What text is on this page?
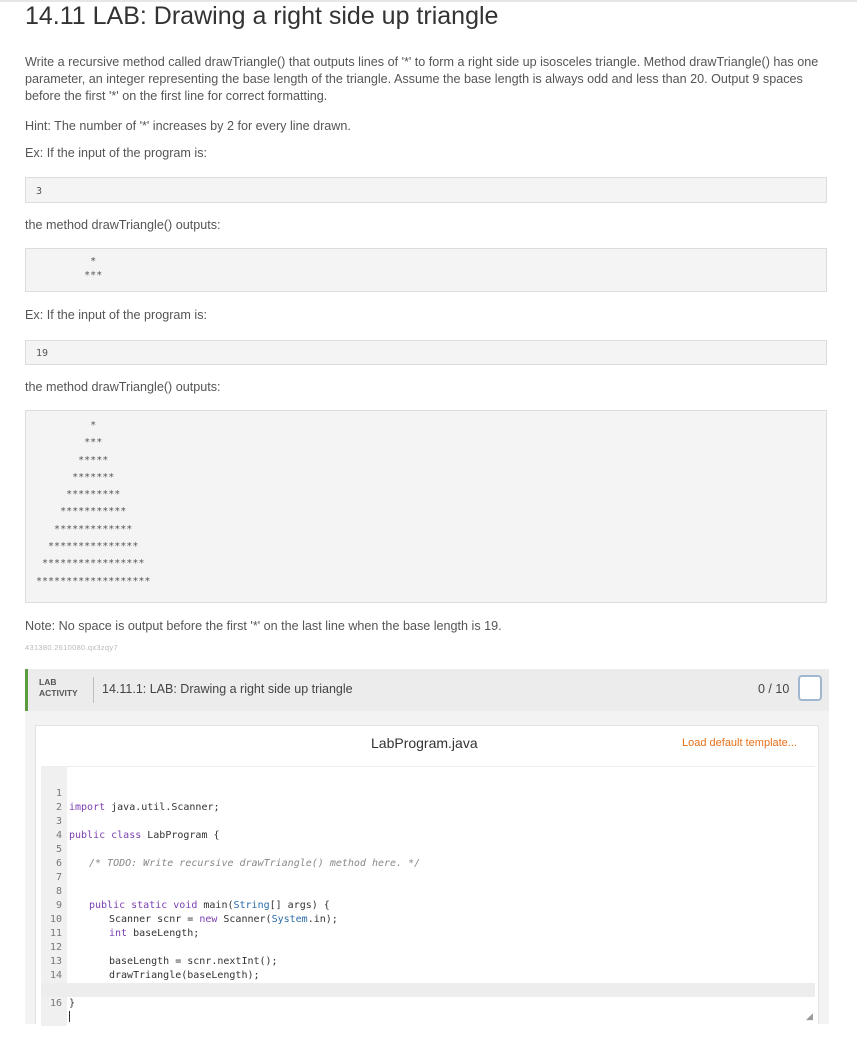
14.11 LAB: Drawing a right side up triangle

Write a recursive method called drawTriangle() that outputs lines of '*' to form a right side up isosceles triangle. Method drawTriangle() has one parameter, an integer representing the base length of the triangle. Assume the base length is always odd and less than 20. Output 9 spaces before the first '*' on the first line for correct formatting.

Hint: The number of '*' increases by 2 for every line drawn.

Ex: If the input of the program is:

3

the method drawTriangle() outputs:

*
***

Ex: If the input of the program is:

19

the method drawTriangle() outputs:

*
***
*****
*******
*********
***********
*************
***************
*****************
*******************

Note: No space is output before the first '*' on the last line when the base length is 19.

431380.2610080.qx3zqy7
LAB
ACTIVITY 14.11.1: LAB: Drawing a right side up triangle	0 / 10
LabProgram.java	Load default template...

1

import java.util.Scanner;

2

3

public class LabProgram {

4

5

/* TODO: Write recursive drawTriangle() method here. */

6

7

8

public static void main(String[] args) {

9

Scanner scnr = new Scanner(System.in);

10

int baseLength;

11

12

baseLength = scnr.nextInt();

13

drawTriangle(baseLength);

14

16

◢
